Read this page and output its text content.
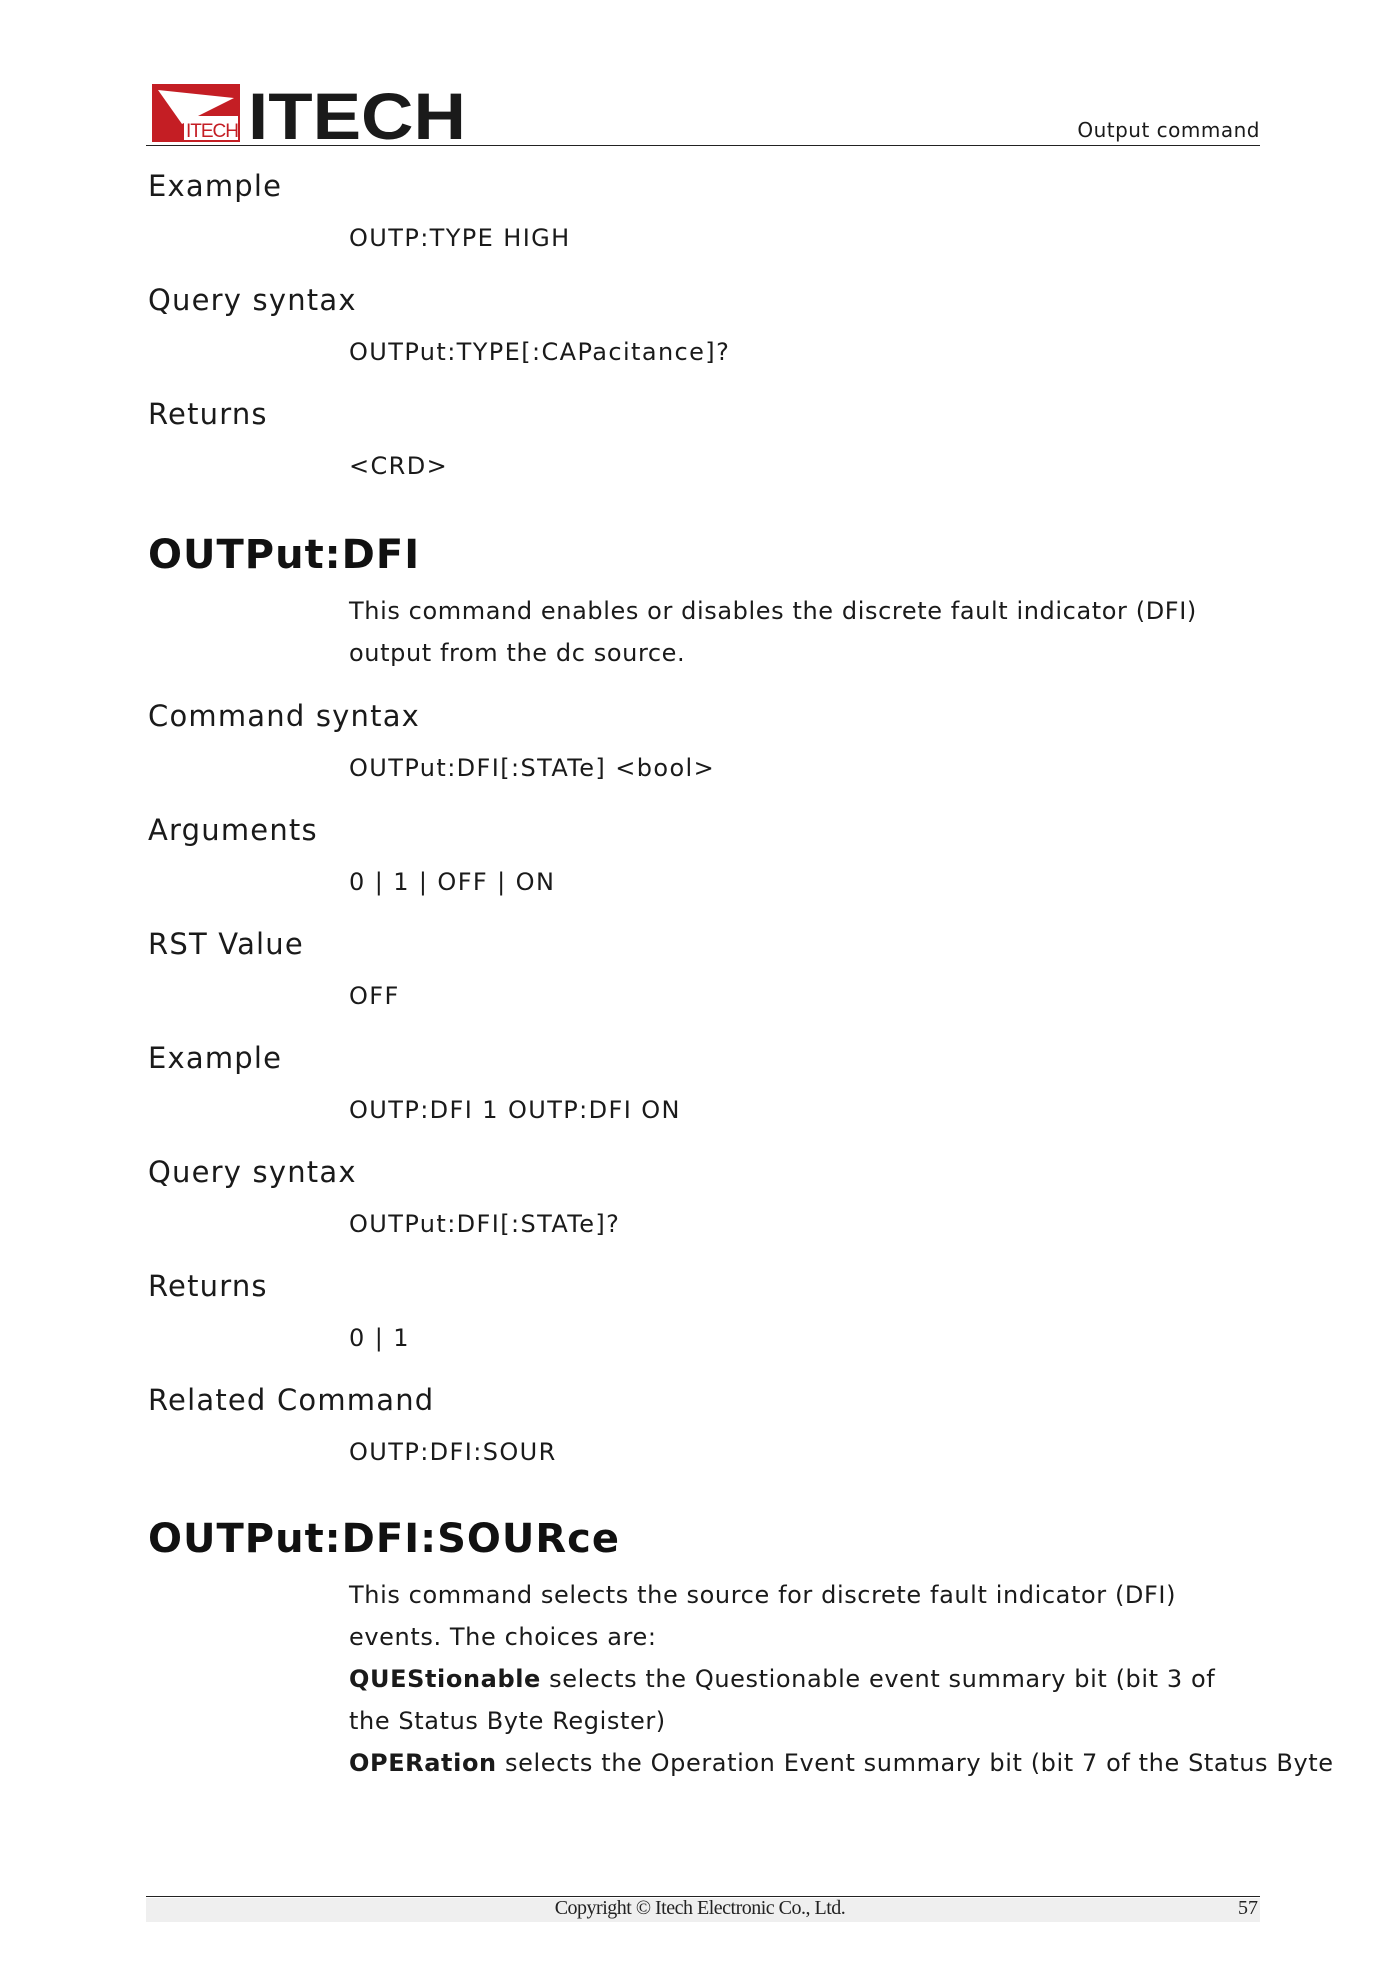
ITECH ITECH	Output command

Example

OUTP:TYPE HIGH

Query syntax

OUTPut:TYPE[:CAPacitance]?

Returns

<CRD>
OUTPut:DFI
This command enables or disables the discrete fault indicator (DFI) output from the dc source.

Command syntax

OUTPut:DFI[:STATe] <bool>

Arguments

0 | 1 | OFF | ON

RST Value

OFF

Example

OUTP:DFI 1 OUTP:DFI ON

Query syntax

OUTPut:DFI[:STATe]?

Returns

0 | 1

Related Command

OUTP:DFI:SOUR
OUTPut:DFI:SOURce
This command selects the source for discrete fault indicator (DFI) events. The choices are:
QUEStionable selects the Questionable event summary bit (bit 3 of the Status Byte Register)
OPERation selects the Operation Event summary bit (bit 7 of the Status Byte
Copyright © Itech Electronic Co., Ltd.	57
